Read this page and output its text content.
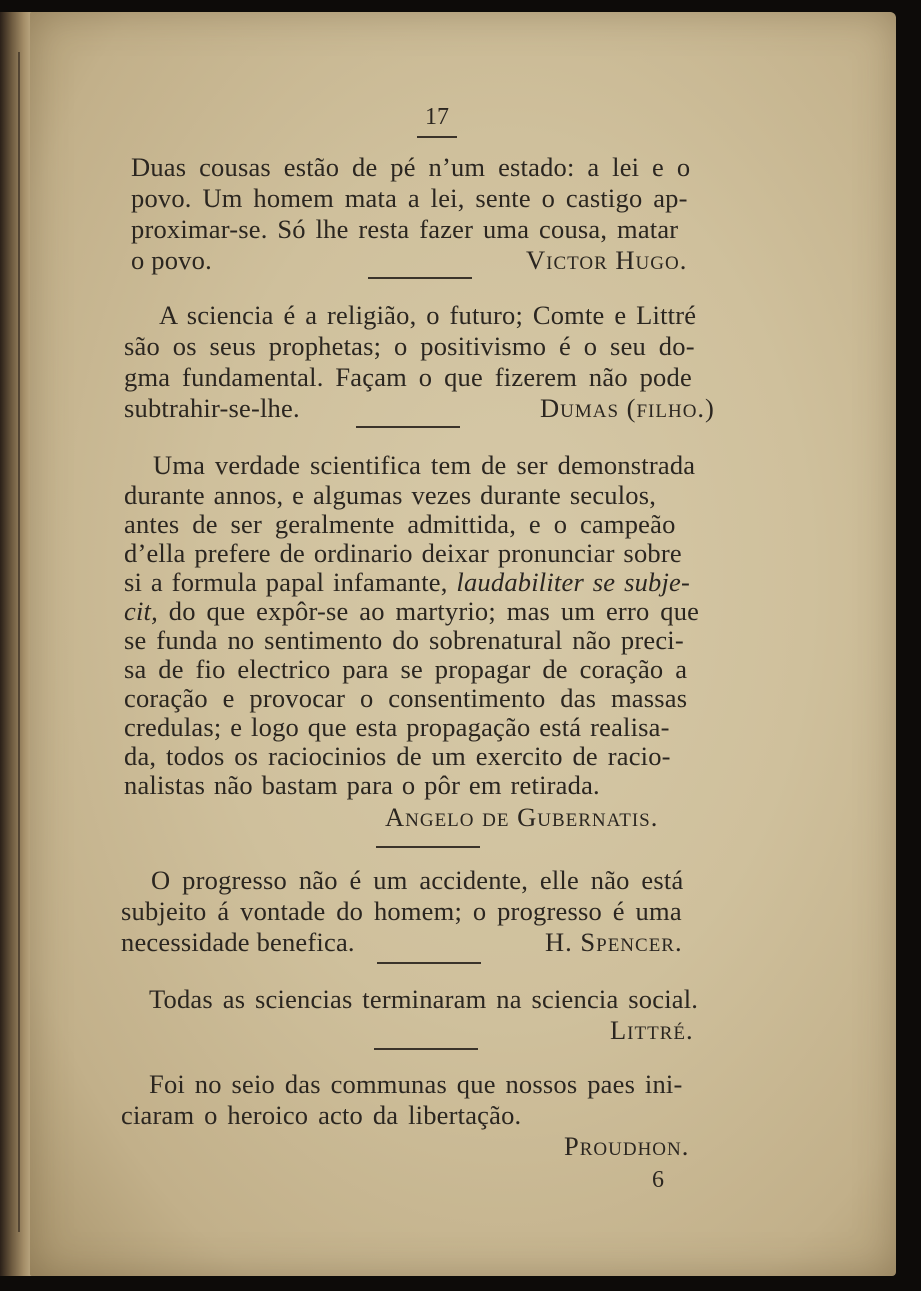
17
Duas cousas estão de pé n’um estado: a lei e o
povo. Um homem mata a lei, sente o castigo ap-
proximar-se. Só lhe resta fazer uma cousa, matar
o povo.	Victor Hugo.
A sciencia é a religião, o futuro; Comte e Littré
são os seus prophetas; o positivismo é o seu do-
gma fundamental. Façam o que fizerem não pode
subtrahir-se-lhe.	Dumas (filho.)
Uma verdade scientifica tem de ser demonstrada
durante annos, e algumas vezes durante seculos,
antes de ser geralmente admittida, e o campeão
d’ella prefere de ordinario deixar pronunciar sobre
si a formula papal infamante, laudabiliter se subje-
cit, do que expôr-se ao martyrio; mas um erro que
se funda no sentimento do sobrenatural não preci-
sa de fio electrico para se propagar de coração a
coração e provocar o consentimento das massas
credulas; e logo que esta propagação está realisa-
da, todos os raciocinios de um exercito de racio-
nalistas não bastam para o pôr em retirada.
Angelo de Gubernatis.
O progresso não é um accidente, elle não está
subjeito á vontade do homem; o progresso é uma
necessidade benefica.	H. Spencer.
Todas as sciencias terminaram na sciencia social.
Littré.
Foi no seio das communas que nossos paes ini-
ciaram o heroico acto da libertação.
Proudhon.
6
